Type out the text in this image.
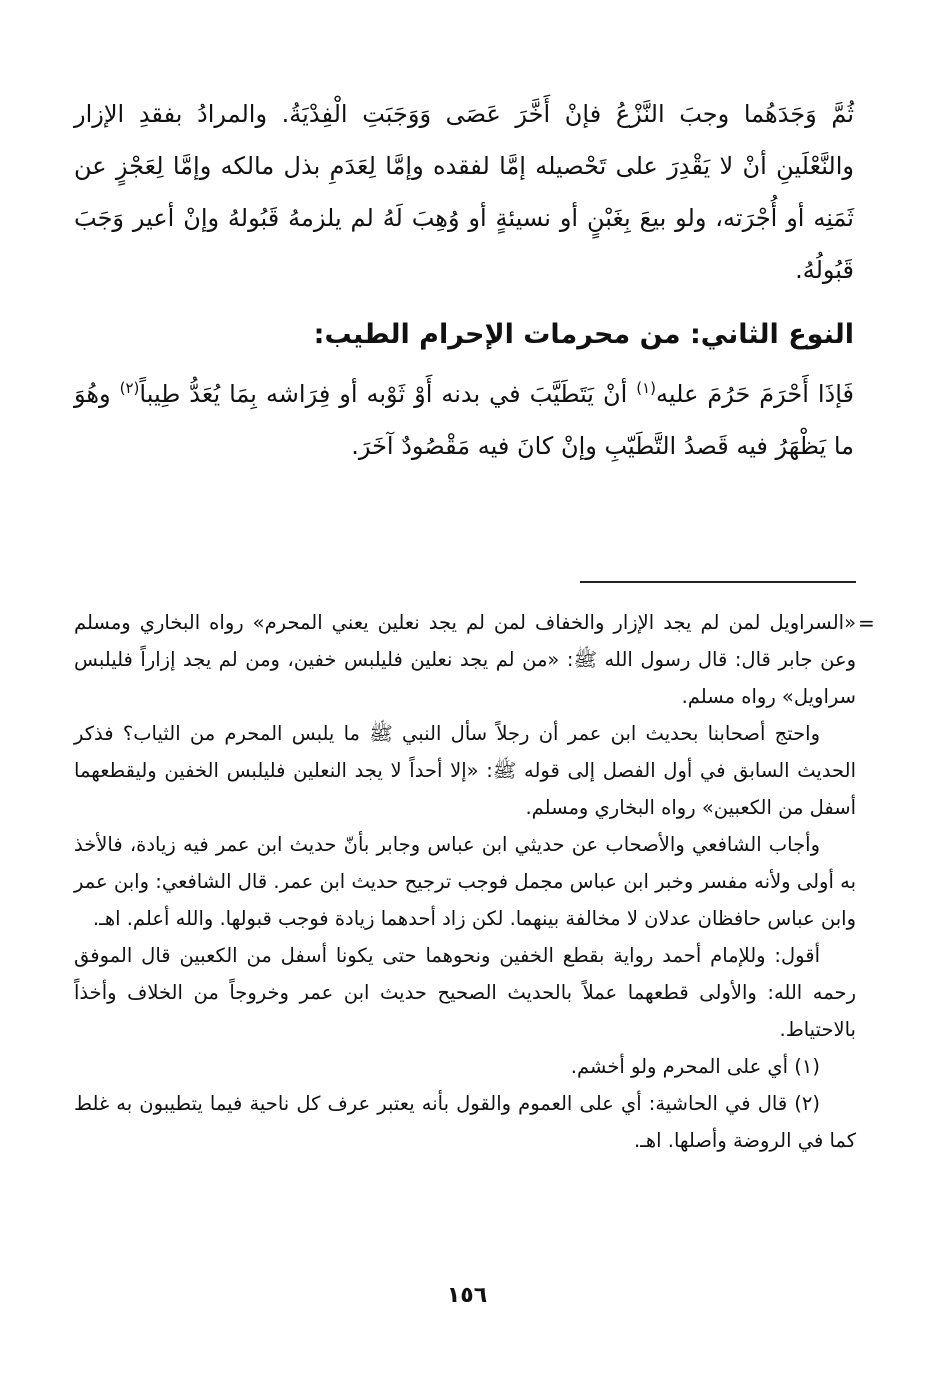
ثُمَّ وَجَدَهُما وجبَ النَّزْعُ فإنْ أَخَّرَ عَصَى وَوَجَبَتِ الْفِدْيَةُ. والمرادُ بفقدِ الإزار والنَّعْلَينِ أنْ لا يَقْدِرَ على تَحْصيله إمَّا لفقده وإمَّا لِعَدَمِ بذل مالكه وإمَّا لِعَجْزٍ عن ثَمَنِه أو أُجْرَته، ولو بيعَ بِغَبْنٍ أو نسيئةٍ أو وُهِبَ لَهُ لم يلزمهُ قَبُولهُ وإنْ أعير وَجَبَ قَبُولُهُ.

النوع الثاني: من محرمات الإحرام الطيب:

فَإذَا أَحْرَمَ حَرُمَ عليه$^{(١)}$ أنْ يَتَطَيَّبَ في بدنه أَوْ ثَوْبه أو فِرَاشه بِمَا يُعَدُّ طِيباً$^{(٢)}$ وهُوَ ما يَظْهَرُ فيه قَصدُ التَّطَيّبِ وإنْ كانَ فيه مَقْصُودٌ آخَرَ.

=

«السراويل لمن لم يجد الإزار والخفاف لمن لم يجد نعلين يعني المحرم» رواه البخاري ومسلم وعن جابر قال: قال رسول الله ﷺ: «من لم يجد نعلين فليلبس خفين، ومن لم يجد إزاراً فليلبس سراويل» رواه مسلم.

واحتج أصحابنا بحديث ابن عمر أن رجلاً سأل النبي ﷺ ما يلبس المحرم من الثياب؟ فذكر الحديث السابق في أول الفصل إلى قوله ﷺ: «إلا أحداً لا يجد النعلين فليلبس الخفين وليقطعهما أسفل من الكعبين» رواه البخاري ومسلم.

وأجاب الشافعي والأصحاب عن حديثي ابن عباس وجابر بأنّ حديث ابن عمر فيه زيادة، فالأخذ به أولى ولأنه مفسر وخبر ابن عباس مجمل فوجب ترجيح حديث ابن عمر. قال الشافعي: وابن عمر وابن عباس حافظان عدلان لا مخالفة بينهما. لكن زاد أحدهما زيادة فوجب قبولها. والله أعلم. اهـ.

أقول: وللإمام أحمد رواية بقطع الخفين ونحوهما حتى يكونا أسفل من الكعبين قال الموفق رحمه الله: والأولى قطعهما عملاً بالحديث الصحيح حديث ابن عمر وخروجاً من الخلاف وأخذاً بالاحتياط.

(١) أي على المحرم ولو أخشم.

(٢) قال في الحاشية: أي على العموم والقول بأنه يعتبر عرف كل ناحية فيما يتطيبون به غلط كما في الروضة وأصلها. اهـ.

١٥٦
